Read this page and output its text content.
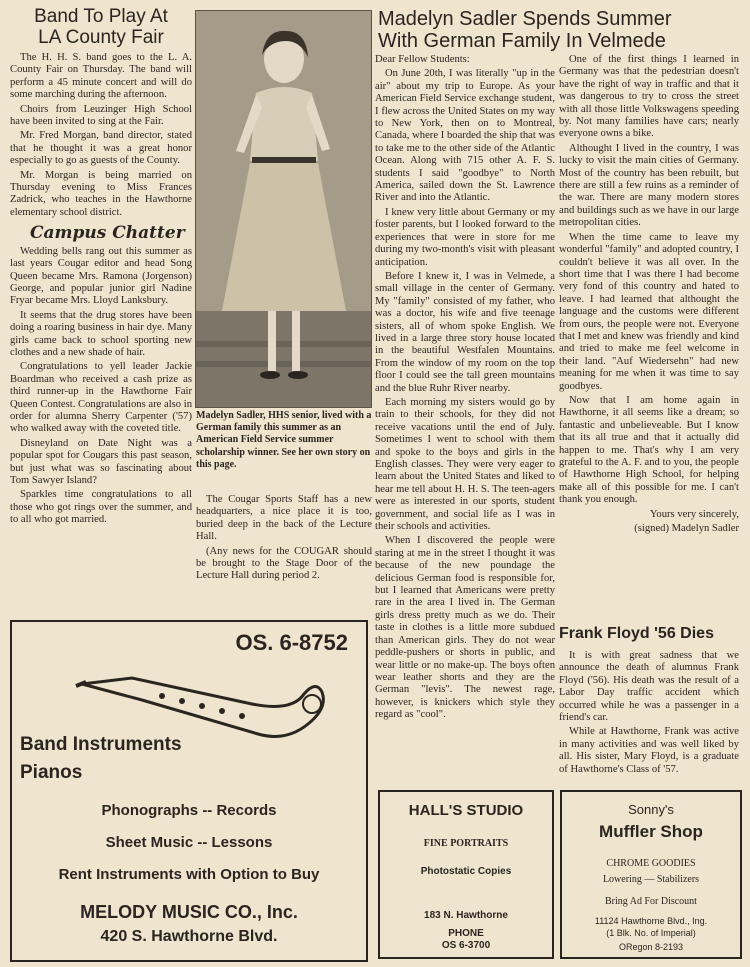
Band To Play At
LA County Fair

The H. H. S. band goes to the L. A. County Fair on Thursday. The band will perform a 45 minute concert and will do some marching during the afternoon.

Choirs from Leuzinger High School have been invited to sing at the Fair.

Mr. Fred Morgan, band director, stated that he thought it was a great honor especially to go as guests of the County.

Mr. Morgan is being married on Thursday evening to Miss Frances Zadrick, who teaches in the Hawthorne elementary school district.

Campus Chatter

Wedding bells rang out this summer as last years Cougar editor and head Song Queen became Mrs. Ramona (Jorgenson) George, and popular junior girl Nadine Fryar became Mrs. Lloyd Lanksbury.

It seems that the drug stores have been doing a roaring business in hair dye. Many girls came back to school sporting new clothes and a new shade of hair.

Congratulations to yell leader Jackie Boardman who received a cash prize as third runner-up in the Hawthorne Fair Queen Contest. Congratulations are also in order for alumna Sherry Carpenter ('57) who walked away with the coveted title.

Disneyland on Date Night was a popular spot for Cougars this past season, but just what was so fascinating about Tom Sawyer Island?

Sparkles time congratulations to all those who got rings over the summer, and to all who got married.

Madelyn Sadler, HHS senior, lived with a German family this summer as an American Field Service summer scholarship winner. See her own story on this page.

The Cougar Sports Staff has a new headquarters, a nice place it is too, buried deep in the back of the Lecture Hall.

(Any news for the COUGAR should be brought to the Stage Door of the Lecture Hall during period 2.

Madelyn Sadler Spends Summer
With German Family In Velmede

Dear Fellow Students:

On June 20th, I was literally "up in the air" about my trip to Europe. As your American Field Service exchange student, I flew across the United States on my way to New York, then on to Montreal, Canada, where I boarded the ship that was to take me to the other side of the Atlantic Ocean. Along with 715 other A. F. S. students I said "goodbye" to North America, sailed down the St. Lawrence River and into the Atlantic.

I knew very little about Germany or my foster parents, but I looked forward to the experiences that were in store for me during my two-month's visit with pleasant anticipation.

Before I knew it, I was in Velmede, a small village in the center of Germany. My "family" consisted of my father, who was a doctor, his wife and five teenage sisters, all of whom spoke English. We lived in a large three story house located in the beautiful Westfalen Mountains. From the window of my room on the top floor I could see the tall green mountains and the blue Ruhr River nearby.

Each morning my sisters would go by train to their schools, for they did not receive vacations until the end of July. Sometimes I went to school with them and spoke to the boys and girls in the English classes. They were very eager to learn about the United States and liked to hear me tell about H. H. S. The teen-agers were as interested in our sports, student government, and social life as I was in their schools and activities.

When I discovered the people were staring at me in the street I thought it was because of the new poundage the delicious German food is responsible for, but I learned that Americans were pretty rare in the area I lived in. The German girls dress pretty much as we do. Their taste in clothes is a little more subdued than American girls. They do not wear peddle-pushers or shorts in public, and wear little or no make-up. The boys often wear leather shorts and they are the German "levis". The newest rage, however, is knickers which style they regard as "cool".

One of the first things I learned in Germany was that the pedestrian doesn't have the right of way in traffic and that it was dangerous to try to cross the street with all those little Volkswagens speeding by. Not many families have cars; nearly everyone owns a bike.

Althought I lived in the country, I was lucky to visit the main cities of Germany. Most of the country has been rebuilt, but there are still a few ruins as a reminder of the war. There are many modern stores and buildings such as we have in our large metropolitan cities.

When the time came to leave my wonderful "family" and adopted country, I couldn't believe it was all over. In the short time that I was there I had become very fond of this country and hated to leave. I had learned that althought the language and the customs were different from ours, the people were not. Everyone that I met and knew was friendly and kind and tried to make me feel welcome in their land. "Auf Wiedersehn" had new meaning for me when it was time to say goodbyes.

Now that I am home again in Hawthorne, it all seems like a dream; so fantastic and unbelieveable. But I know that its all true and that it actually did happen to me. That's why I am very grateful to the A. F. and to you, the people of Hawthorne High School, for helping make all of this possible for me. I can't thank you enough.

Yours very sincerely,

(signed) Madelyn Sadler

Frank Floyd '56 Dies

It is with great sadness that we announce the death of alumnus Frank Floyd ('56). His death was the result of a Labor Day traffic accident which occurred while he was a passenger in a friend's car.

While at Hawthorne, Frank was active in many activities and was well liked by all. His sister, Mary Floyd, is a graduate of Hawthorne's Class of '57.

OS. 6-8752
Band Instruments
Pianos
Phonographs -- Records
Sheet Music -- Lessons
Rent Instruments with Option to Buy
MELODY MUSIC CO., Inc.
420 S. Hawthorne Blvd.
HALL'S STUDIO
FINE PORTRAITS
Photostatic Copies
183 N. Hawthorne
PHONE
OS 6-3700
Sonny's
Muffler Shop
CHROME GOODIES
Lowering — Stabilizers
Bring Ad For Discount
11124 Hawthorne Blvd., Ing.
(1 Blk. No. of Imperial)
ORegon 8-2193
